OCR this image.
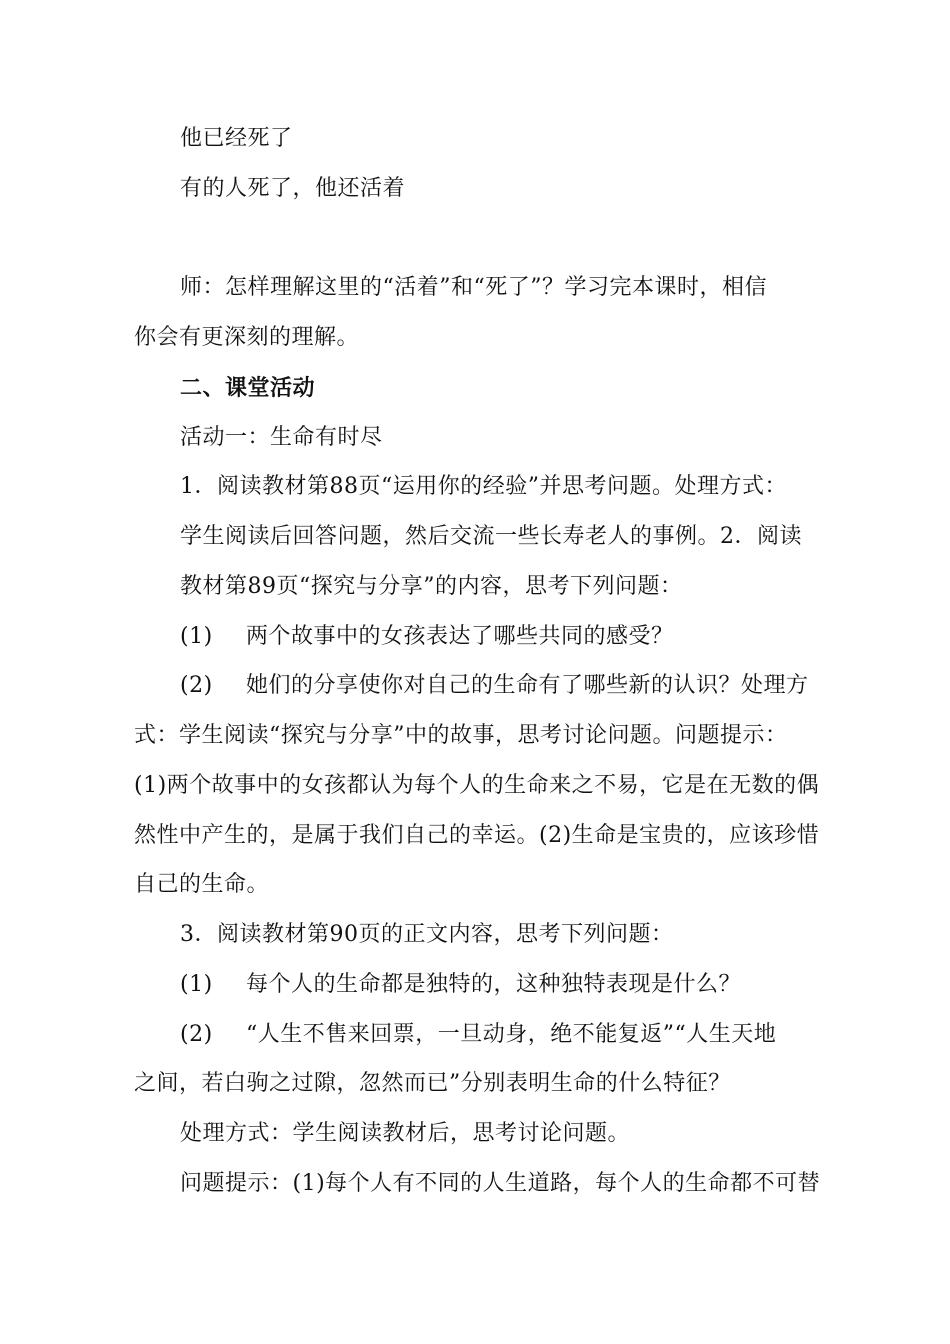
他已经死了
有的人死了，他还活着
师：怎样理解这里的“活着”和“死了”？学习完本课时，相信
你会有更深刻的理解。
二、课堂活动
活动一：生命有时尽
1．阅读教材第88页“运用你的经验”并思考问题。处理方式：
学生阅读后回答问题，然后交流一些长寿老人的事例。2．阅读
教材第89页“探究与分享”的内容，思考下列问题：
(1) 两个故事中的女孩表达了哪些共同的感受？
(2) 她们的分享使你对自己的生命有了哪些新的认识？处理方
式：学生阅读“探究与分享”中的故事，思考讨论问题。问题提示：
(1)两个故事中的女孩都认为每个人的生命来之不易，它是在无数的偶
然性中产生的，是属于我们自己的幸运。(2)生命是宝贵的，应该珍惜
自己的生命。
3．阅读教材第90页的正文内容，思考下列问题：
(1) 每个人的生命都是独特的，这种独特表现是什么？
(2) “人生不售来回票，一旦动身，绝不能复返”“人生天地
之间，若白驹之过隙，忽然而已”分别表明生命的什么特征？
处理方式：学生阅读教材后，思考讨论问题。
问题提示：(1)每个人有不同的人生道路，每个人的生命都不可替
